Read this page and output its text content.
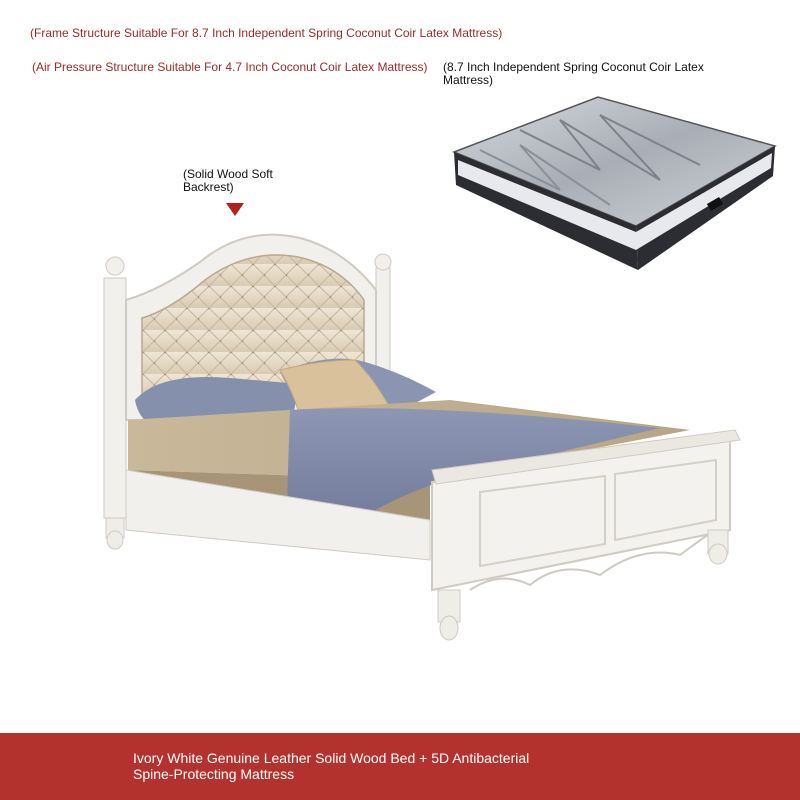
(Frame Structure Suitable For 8.7 Inch Independent Spring Coconut Coir Latex Mattress)
(Air Pressure Structure Suitable For 4.7 Inch Coconut Coir Latex Mattress) (8.7 Inch Independent Spring Coconut Coir Latex Mattress)
(Solid Wood Soft Backrest)
Ivory White Genuine Leather Solid Wood Bed + 5D Antibacterial Spine-Protecting Mattress
